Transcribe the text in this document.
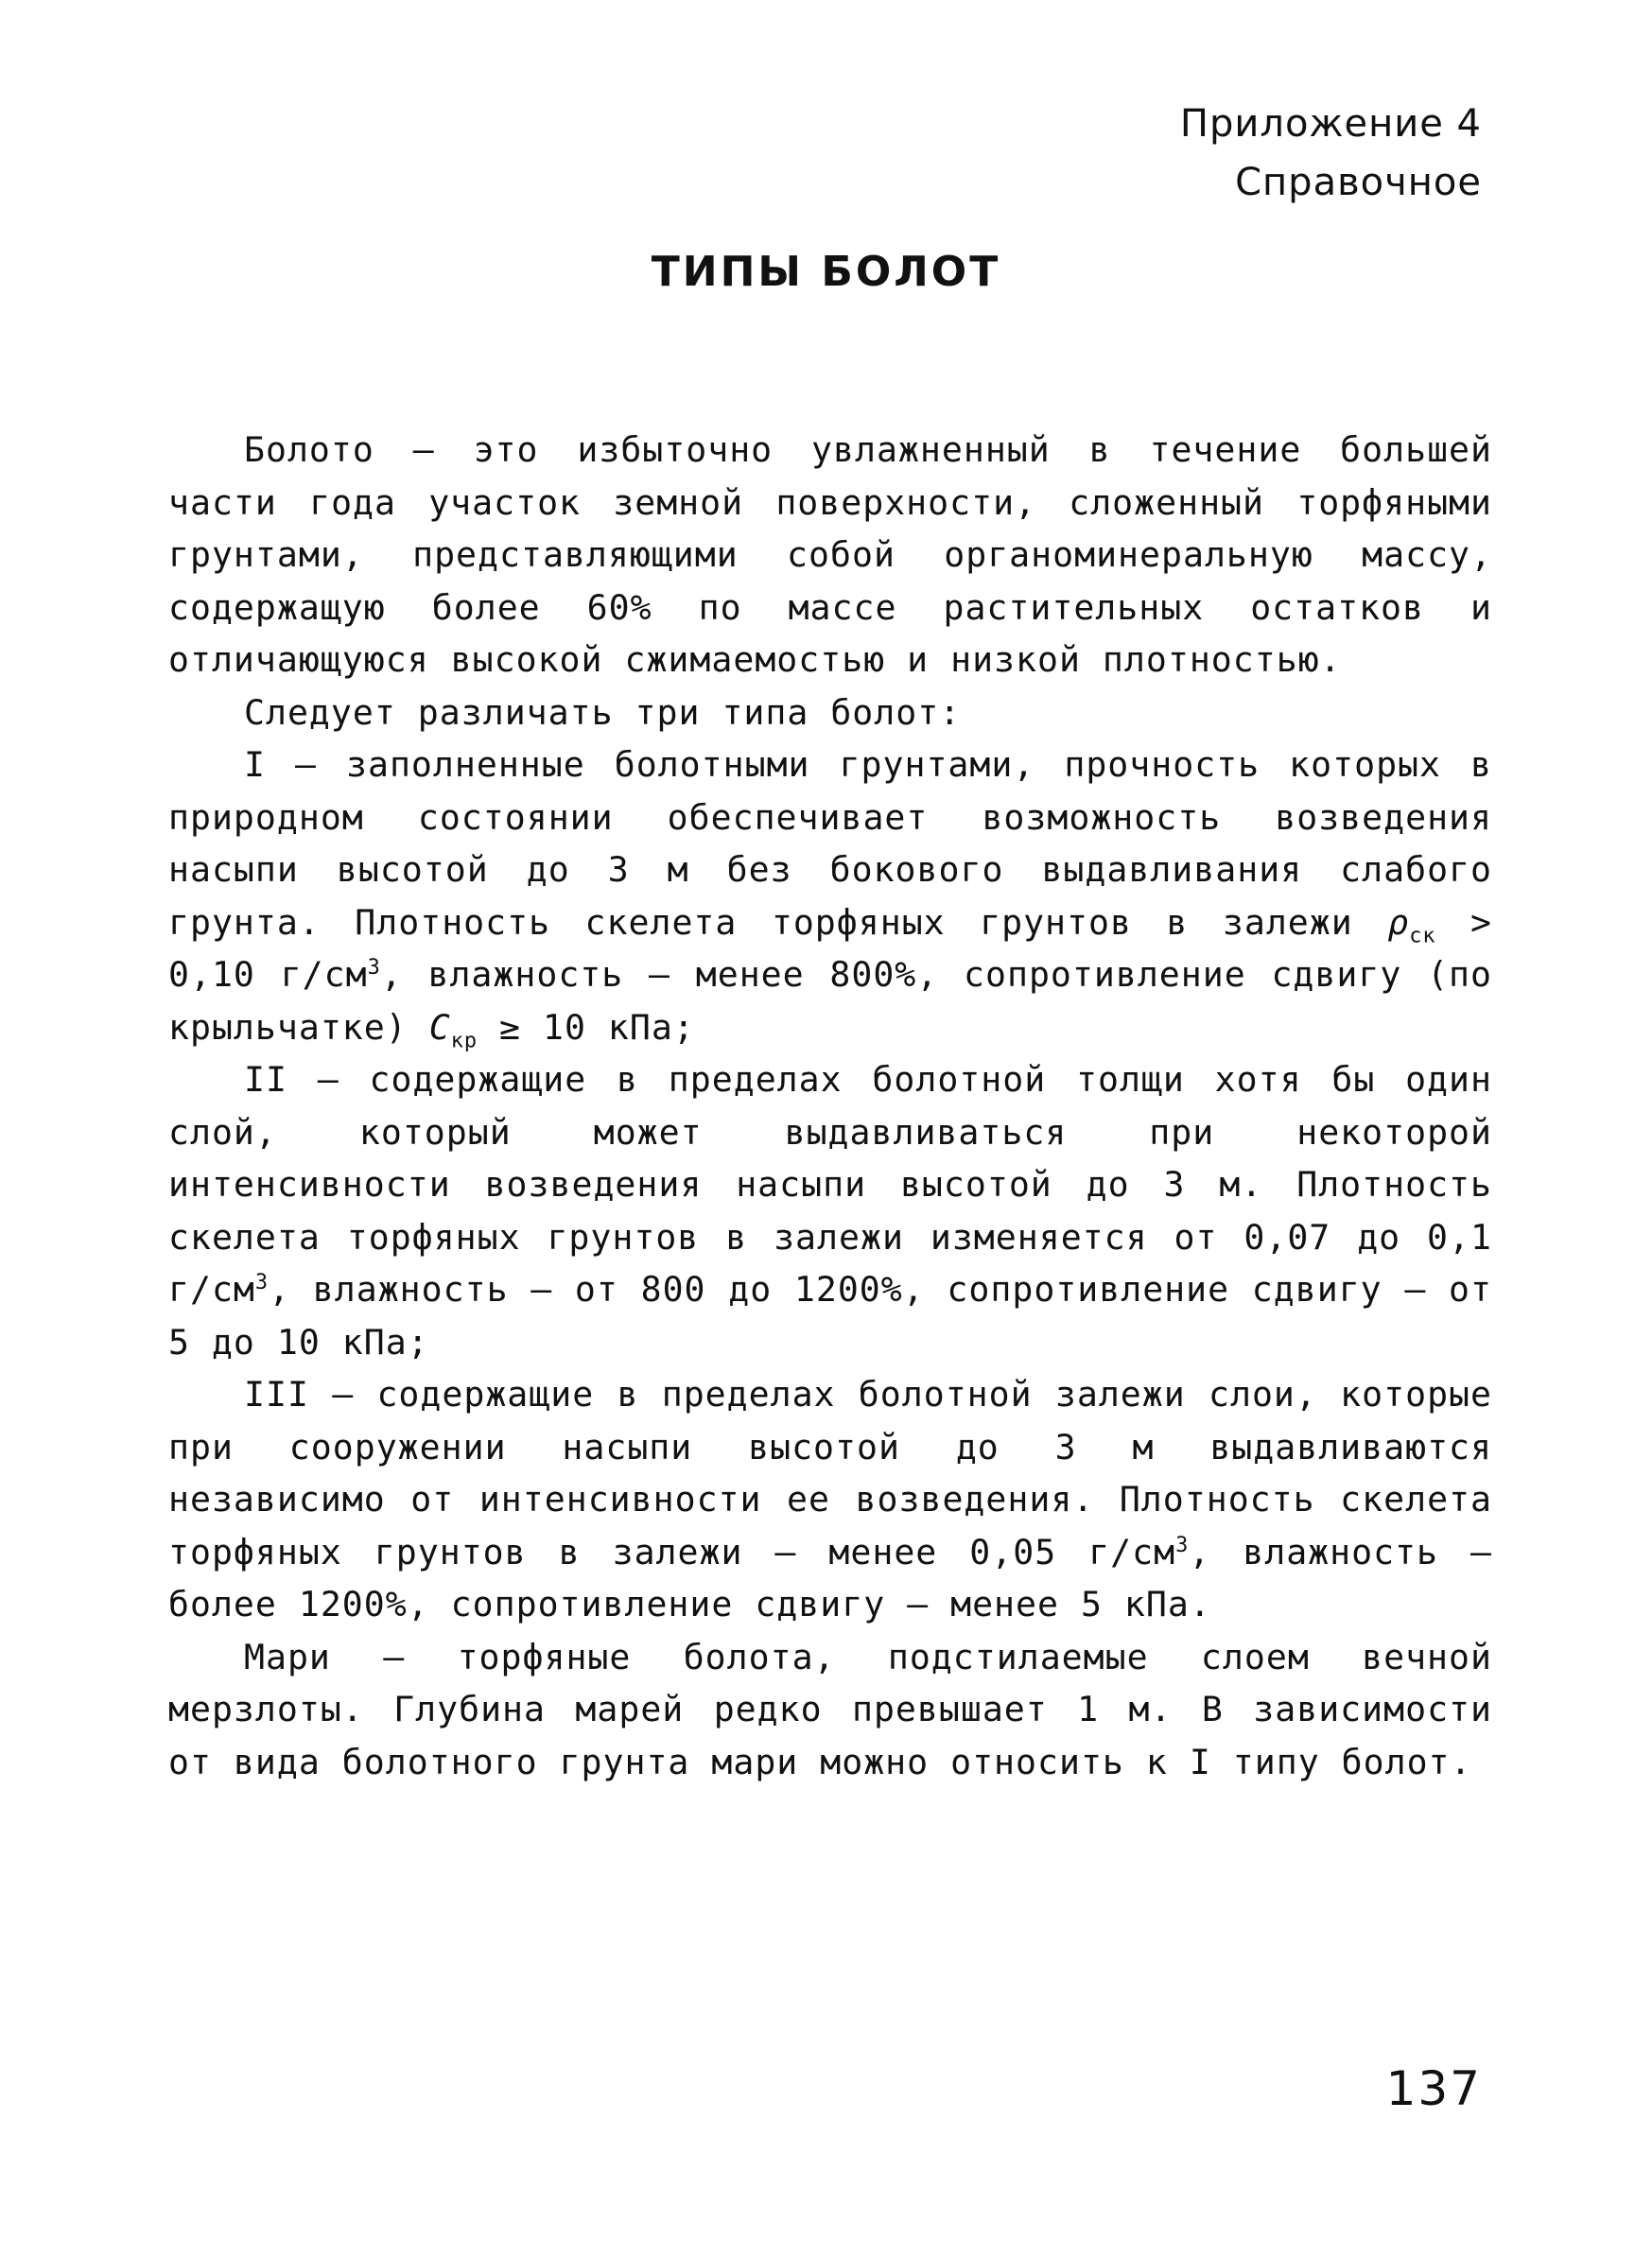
Приложение 4
Справочное
ТИПЫ БОЛОТ

Болото – это избыточно увлажненный в течение большей части года участок земной поверхности, сложенный торфяными грунтами, представляющими собой органоминеральную массу, содержащую более 60% по массе растительных остатков и отличающуюся высокой сжимаемостью и низкой плотностью.

Следует различать три типа болот:

I – заполненные болотными грунтами, прочность которых в природном состоянии обеспечивает возможность возведения насыпи высотой до 3 м без бокового выдавливания слабого грунта. Плотность скелета торфяных грунтов в залежи $\rho_{ск} > 0,10$ $г/см^3$, влажность – менее 800%, сопротивление сдвигу (по крыльчатке) $C_{кр} \ge 10$ кПа;

II – содержащие в пределах болотной толщи хотя бы один слой, который может выдавливаться при некоторой интенсивности возведения насыпи высотой до 3 м. Плотность скелета торфяных грунтов в залежи изменяется от 0,07 до 0,1 $г/см^3$, влажность – от 800 до 1200%, сопротивление сдвигу – от 5 до 10 кПа;

III – содержащие в пределах болотной залежи слои, которые при сооружении насыпи высотой до 3 м выдавливаются независимо от интенсивности ее возведения. Плотность скелета торфяных грунтов в залежи – менее 0,05 $г/см^3$, влажность – более 1200%, сопротивление сдвигу – менее 5 кПа.

Мари – торфяные болота, подстилаемые слоем вечной мерзлоты. Глубина марей редко превышает 1 м. В зависимости от вида болотного грунта мари можно относить к I типу болот.

137
